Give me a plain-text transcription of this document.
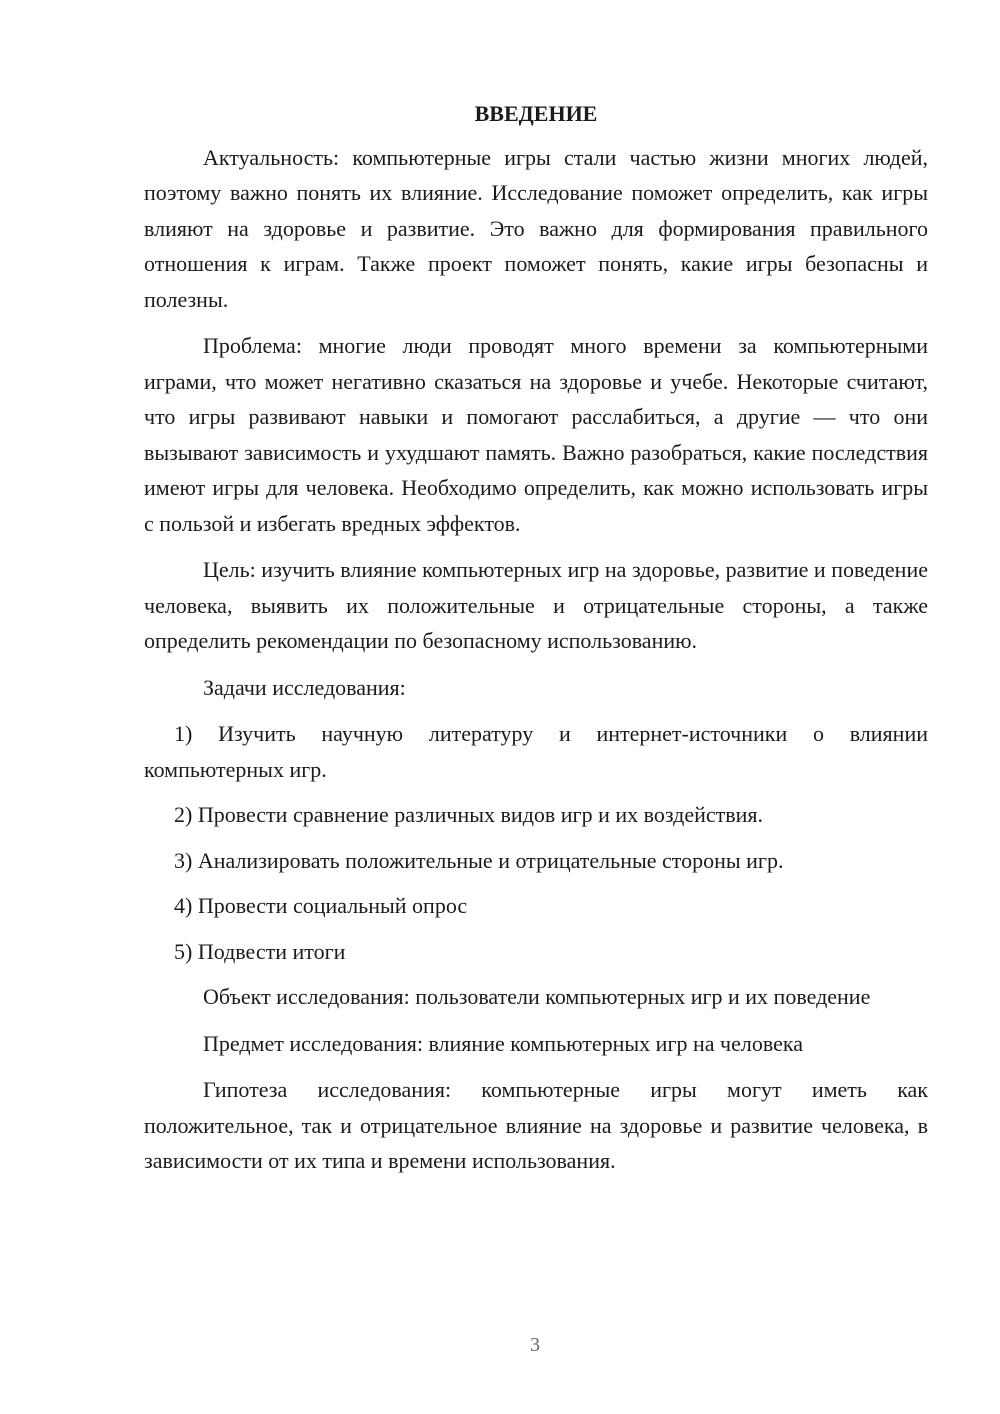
ВВЕДЕНИЕ

Актуальность: компьютерные игры стали частью жизни многих людей, поэтому важно понять их влияние. Исследование поможет определить, как игры влияют на здоровье и развитие. Это важно для формирования правильного отношения к играм. Также проект поможет понять, какие игры безопасны и полезны.

Проблема: многие люди проводят много времени за компьютерными играми, что может негативно сказаться на здоровье и учебе. Некоторые считают, что игры развивают навыки и помогают расслабиться, а другие — что они вызывают зависимость и ухудшают память. Важно разобраться, какие последствия имеют игры для человека. Необходимо определить, как можно использовать игры с пользой и избегать вредных эффектов.

Цель: изучить влияние компьютерных игр на здоровье, развитие и поведение человека, выявить их положительные и отрицательные стороны, а также определить рекомендации по безопасному использованию.

Задачи исследования:

1) Изучить научную литературу и интернет-источники о влиянии компьютерных игр.

2) Провести сравнение различных видов игр и их воздействия.

3) Анализировать положительные и отрицательные стороны игр.

4) Провести социальный опрос

5) Подвести итоги

Объект исследования: пользователи компьютерных игр и их поведение

Предмет исследования: влияние компьютерных игр на человека

Гипотеза исследования: компьютерные игры могут иметь как положительное, так и отрицательное влияние на здоровье и развитие человека, в зависимости от их типа и времени использования.

3
